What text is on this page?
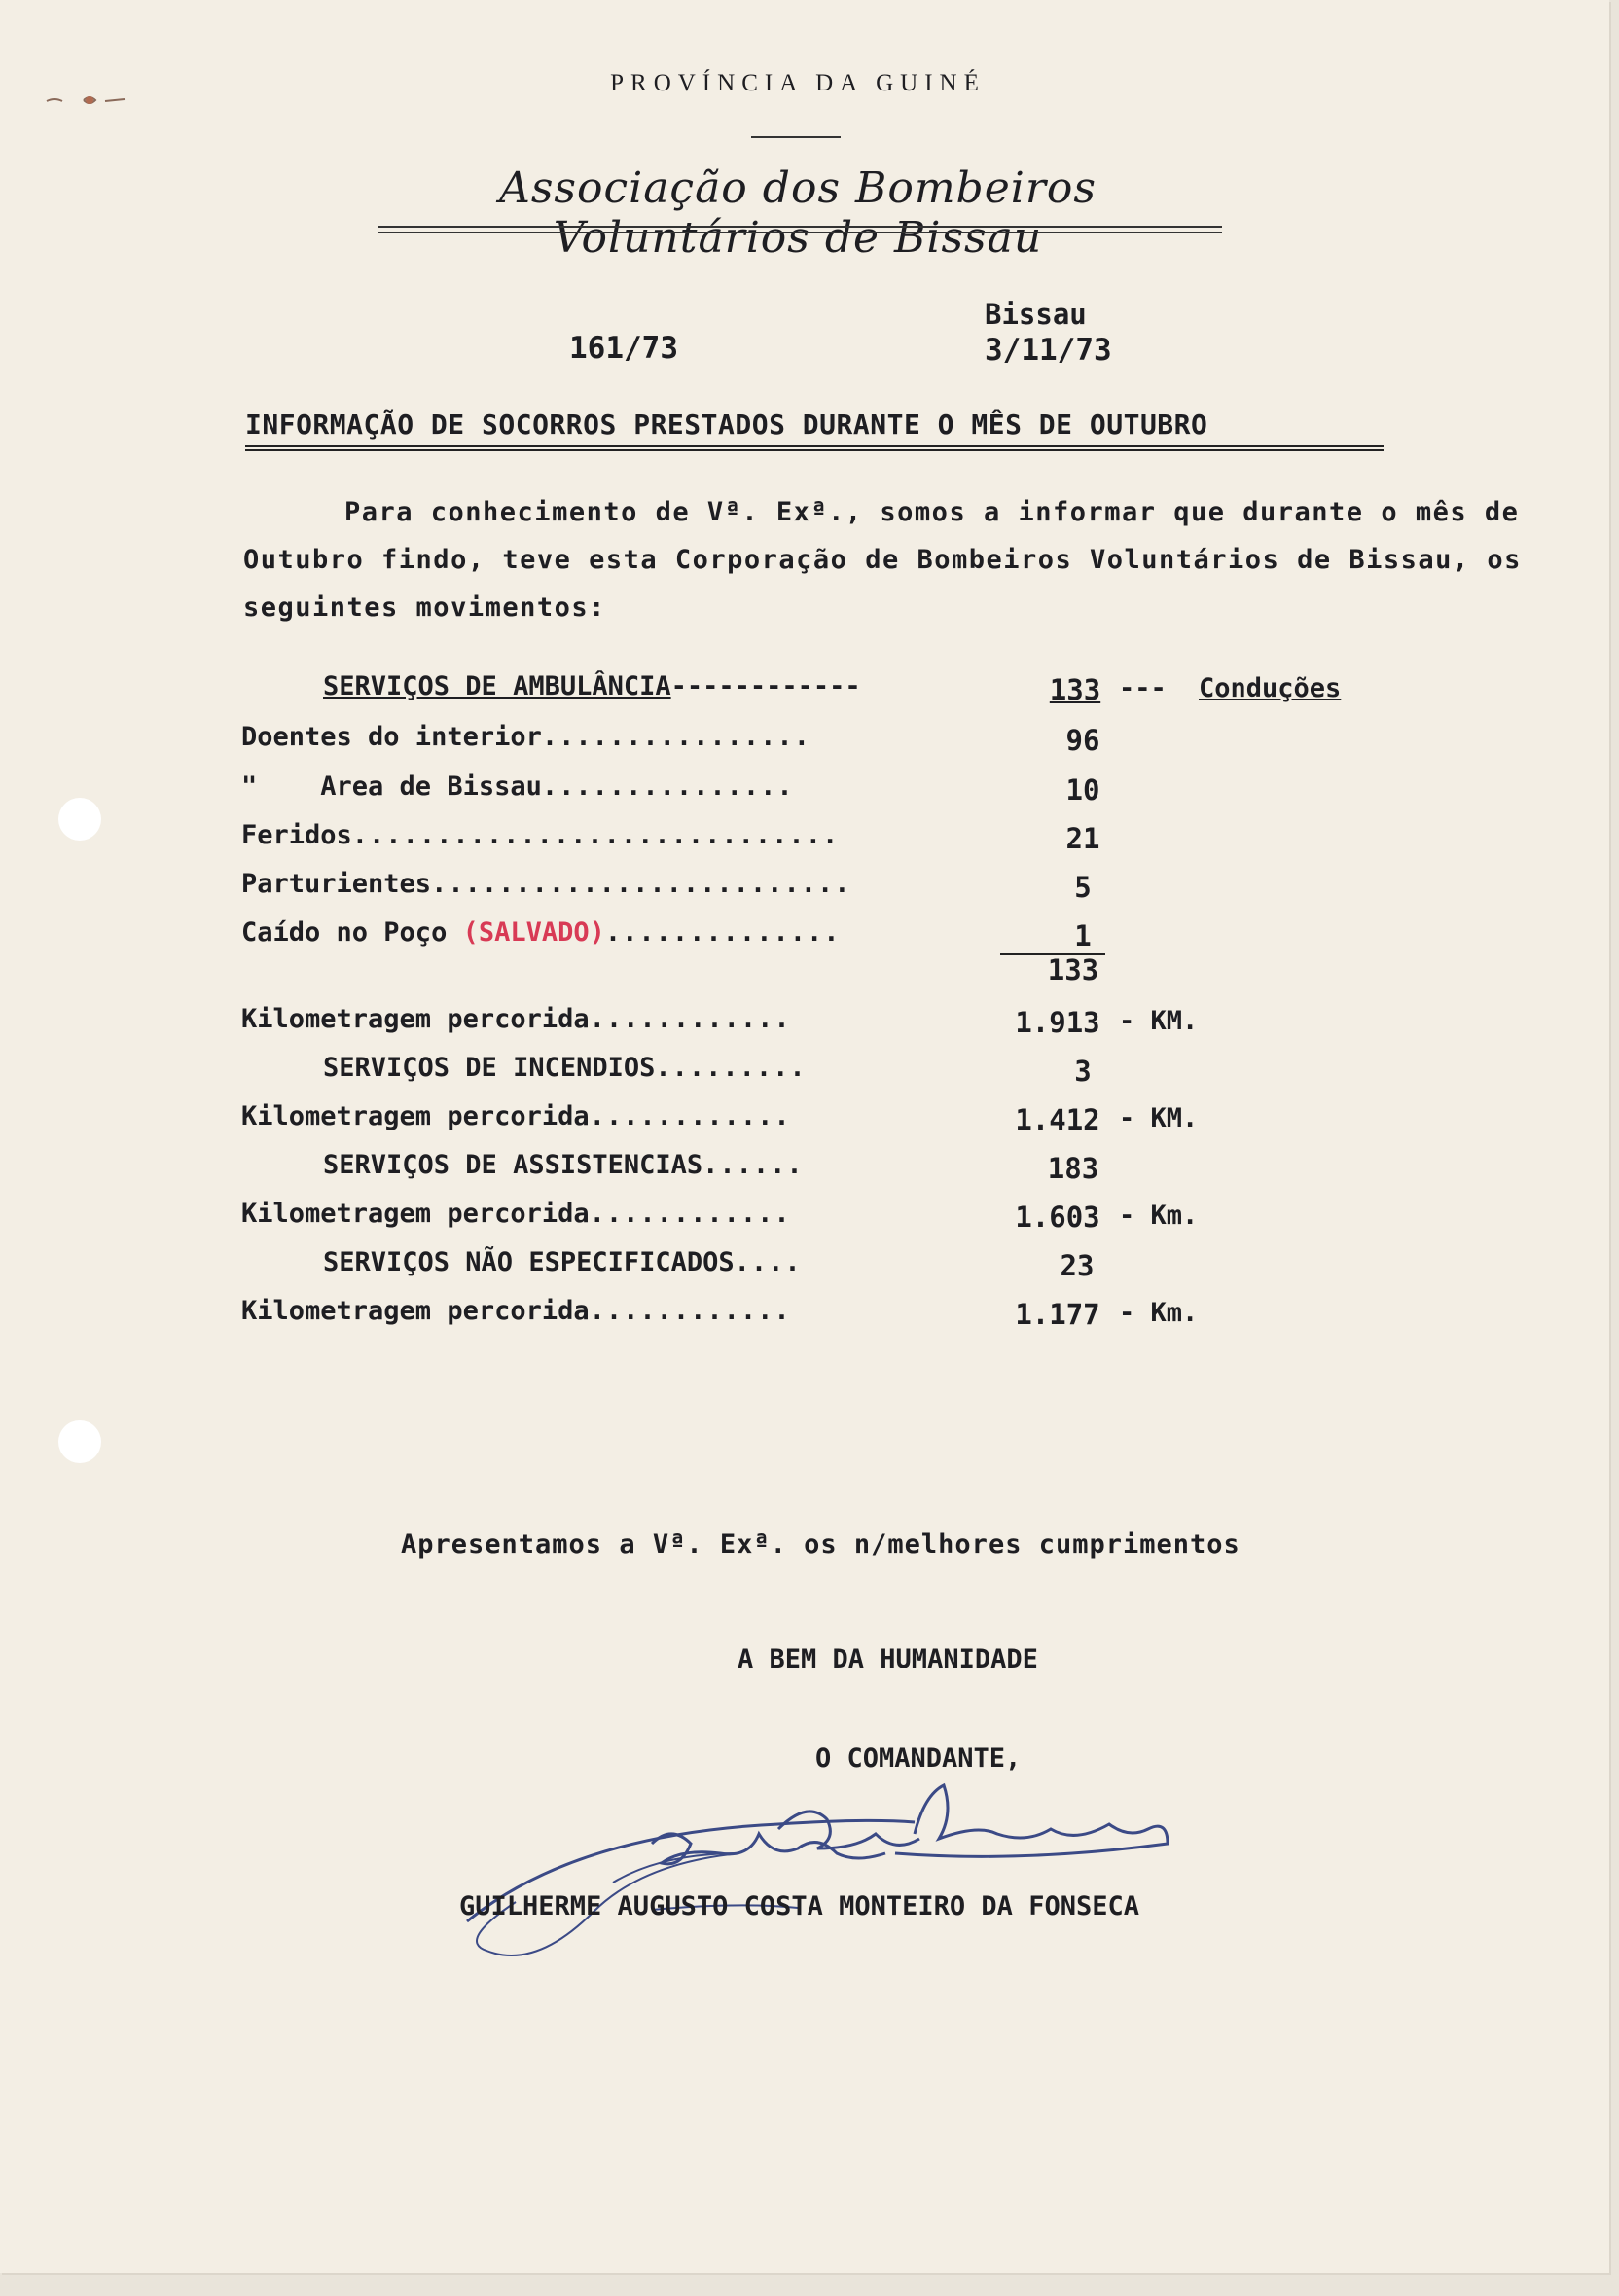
PROVÍNCIA DA GUINÉ
Associação dos Bombeiros Voluntários de Bissau
161/73
Bissau
3/11/73
INFORMAÇÃO DE SOCORROS PRESTADOS DURANTE O MÊS DE OUTUBRO
Para conhecimento de Vª. Exª., somos a informar que durante o mês de Outubro findo, teve esta Corporação de Bombeiros Voluntários de Bissau, os seguintes movimentos:
SERVIÇOS DE AMBULÂNCIA------------	133 --- Conduções
Doentes do interior................	96
"    Area de Bissau...............	10
Feridos.............................	21
Parturientes.........................	5
Caído no Poço (SALVADO)..............	1
133
Kilometragem percorida............	1.913 - KM.
SERVIÇOS DE INCENDIOS.........	3
Kilometragem percorida............	1.412 - KM.
SERVIÇOS DE ASSISTENCIAS......	183
Kilometragem percorida............	1.603 - Km.
SERVIÇOS NÃO ESPECIFICADOS....	23
Kilometragem percorida............	1.177 - Km.
Apresentamos a Vª. Exª. os n/melhores cumprimentos
A BEM DA HUMANIDADE
O COMANDANTE,
GUILHERME AUGUSTO COSTA MONTEIRO DA FONSECA
